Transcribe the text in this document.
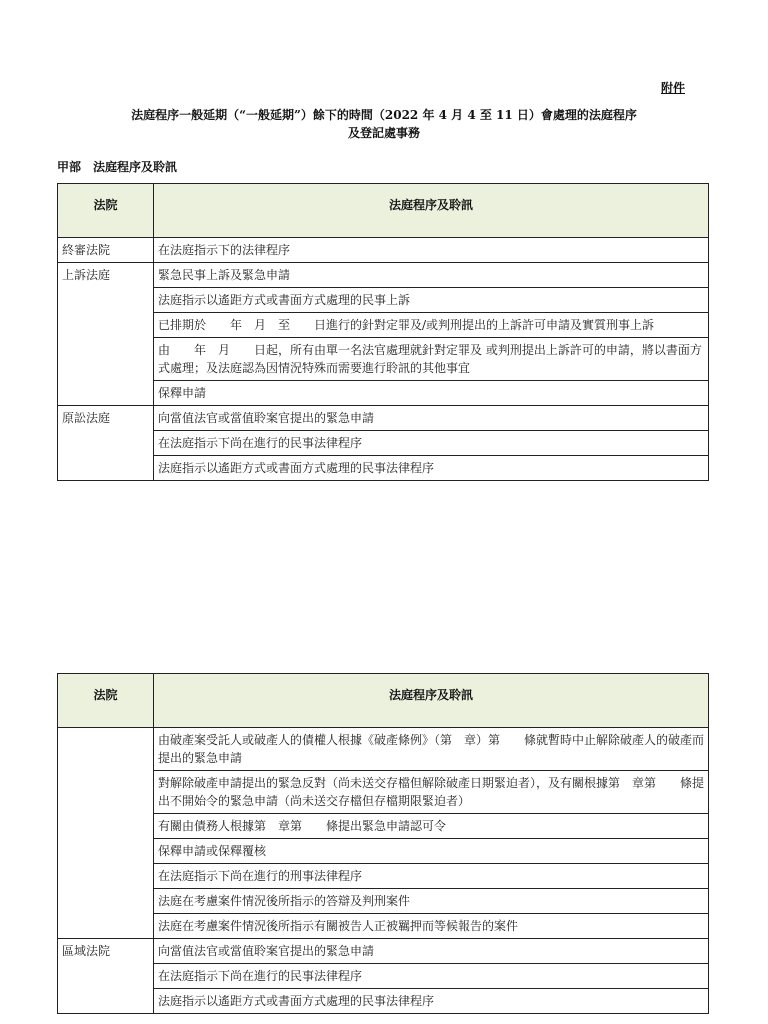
附件
法庭程序一般延期（“一般延期”）餘下的時間（2022 年 4 月 4 至 11 日）會處理的法庭程序
及登記處事務
甲部 法庭程序及聆訊
法院	法庭程序及聆訊
終審法院	在法庭指示下的法律程序
上訴法庭	緊急民事上訴及緊急申請
	法庭指示以遙距方式或書面方式處理的民事上訴
	已排期於　　年　月　至　　日進行的針對定罪及/或判刑提出的上訴許可申請及實質刑事上訴
	由　　年　月　　日起，所有由單一名法官處理就針對定罪及 或判刑提出上訴許可的申請，將以書面方式處理；及法庭認為因情況特殊而需要進行聆訊的其他事宜
	保釋申請
原訟法庭	向當值法官或當值聆案官提出的緊急申請
	在法庭指示下尚在進行的民事法律程序
	法庭指示以遙距方式或書面方式處理的民事法律程序
法院	法庭程序及聆訊
	由破產案受託人或破產人的債權人根據《破產條例》（第　章）第　　條就暫時中止解除破產人的破產而提出的緊急申請
	對解除破產申請提出的緊急反對（尚未送交存檔但解除破產日期緊迫者），及有關根據第　章第　　條提出不開始令的緊急申請（尚未送交存檔但存檔期限緊迫者）
	有關由債務人根據第　章第　　條提出緊急申請認可令
	保釋申請或保釋覆核
	在法庭指示下尚在進行的刑事法律程序
	法庭在考慮案件情況後所指示的答辯及判刑案件
	法庭在考慮案件情況後所指示有關被告人正被羈押而等候報告的案件
區域法院	向當值法官或當值聆案官提出的緊急申請
	在法庭指示下尚在進行的民事法律程序
	法庭指示以遙距方式或書面方式處理的民事法律程序
